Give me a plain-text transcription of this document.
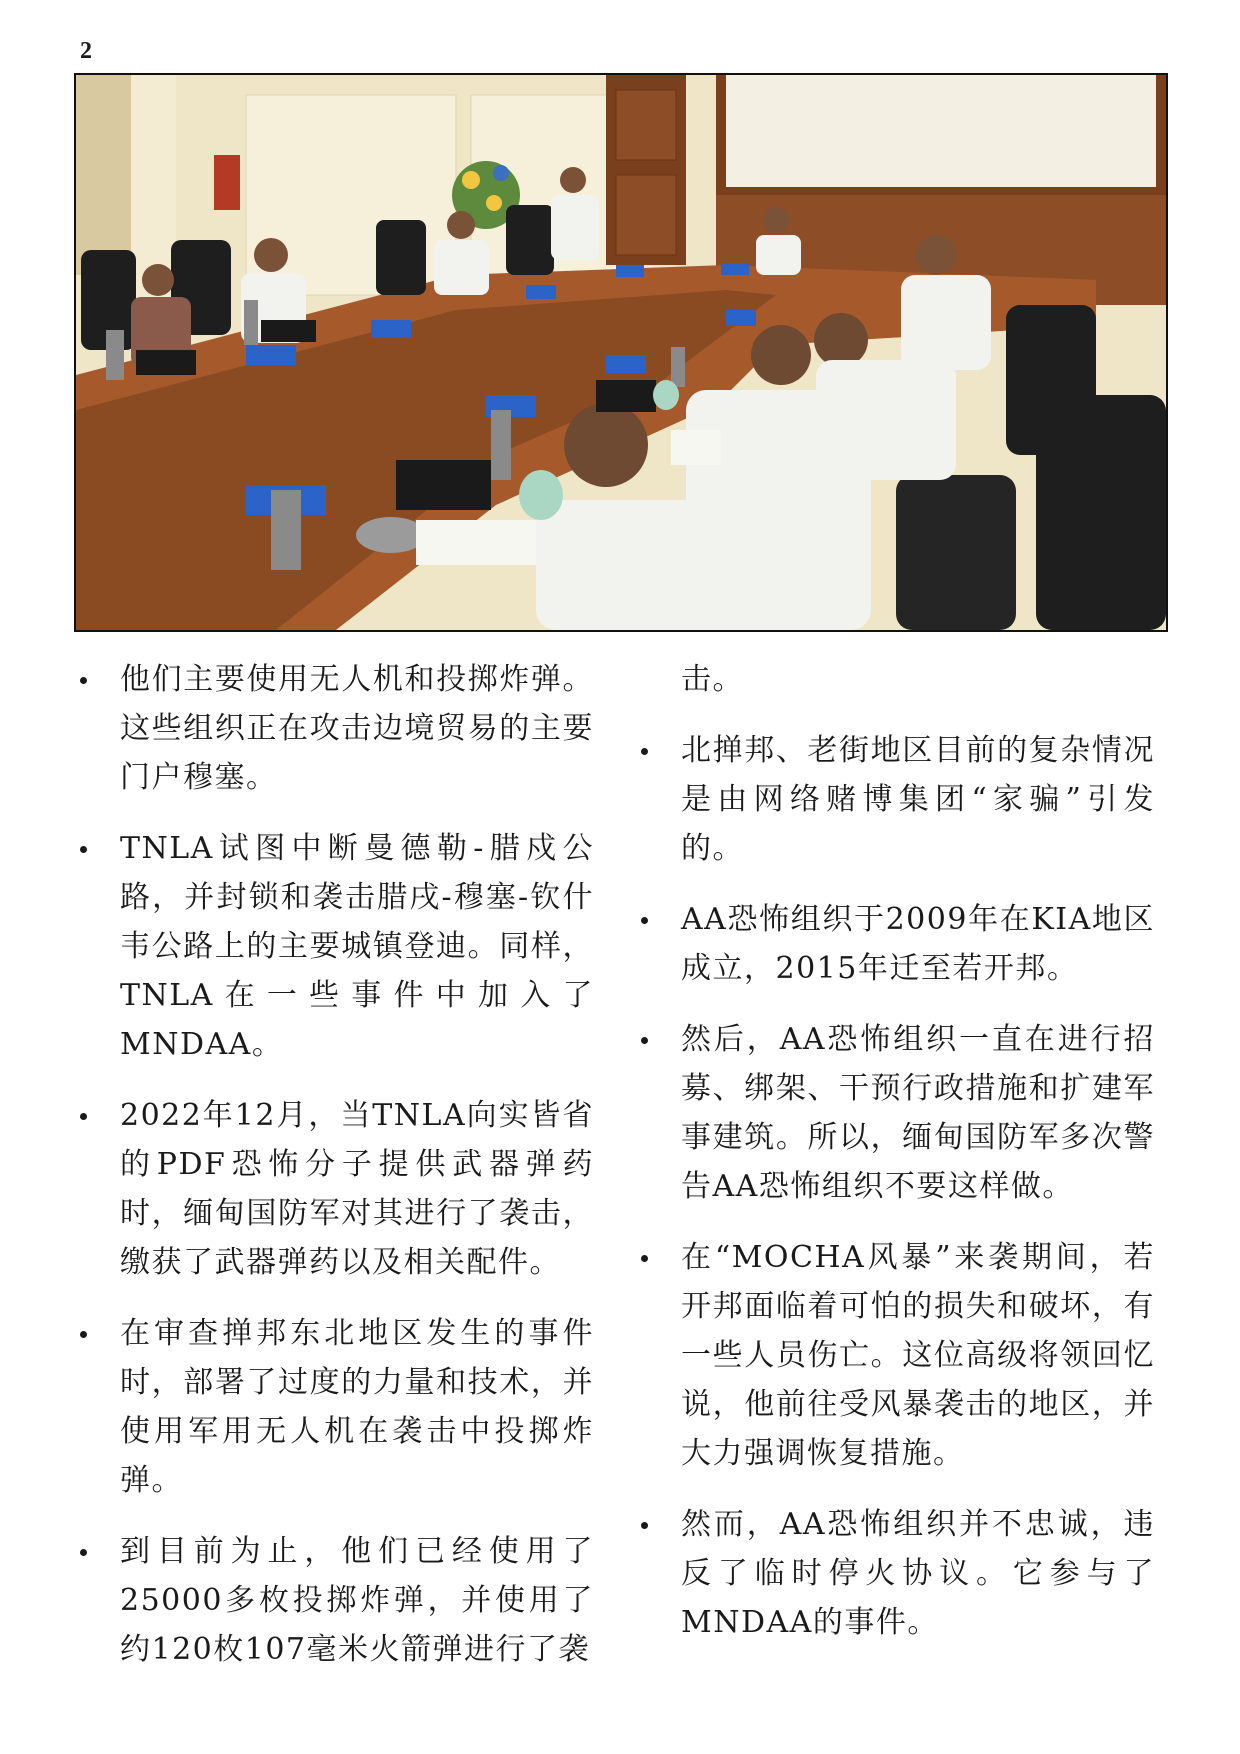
2
他们主要使用无人机和投掷炸弹。这些组织正在攻击边境贸易的主要门户穆塞。
TNLA试图中断曼德勒-腊戍公路，并封锁和袭击腊戌-穆塞-钦什韦公路上的主要城镇登迪。同样，TNLA在一些事件中加入了MNDAA。
2022年12月，当TNLA向实皆省的PDF恐怖分子提供武器弹药时，缅甸国防军对其进行了袭击，缴获了武器弹药以及相关配件。
在审查掸邦东北地区发生的事件时，部署了过度的力量和技术，并使用军用无人机在袭击中投掷炸弹。
到目前为止，他们已经使用了25000多枚投掷炸弹，并使用了约120枚107毫米火箭弹进行了袭
击。
北掸邦、老街地区目前的复杂情况是由网络赌博集团“家骗”引发的。
AA恐怖组织于2009年在KIA地区成立，2015年迁至若开邦。
然后，AA恐怖组织一直在进行招募、绑架、干预行政措施和扩建军事建筑。所以，缅甸国防军多次警告AA恐怖组织不要这样做。
在“MOCHA风暴”来袭期间，若开邦面临着可怕的损失和破坏，有一些人员伤亡。这位高级将领回忆说，他前往受风暴袭击的地区，并大力强调恢复措施。
然而，AA恐怖组织并不忠诚，违反了临时停火协议。它参与了MNDAA的事件。
